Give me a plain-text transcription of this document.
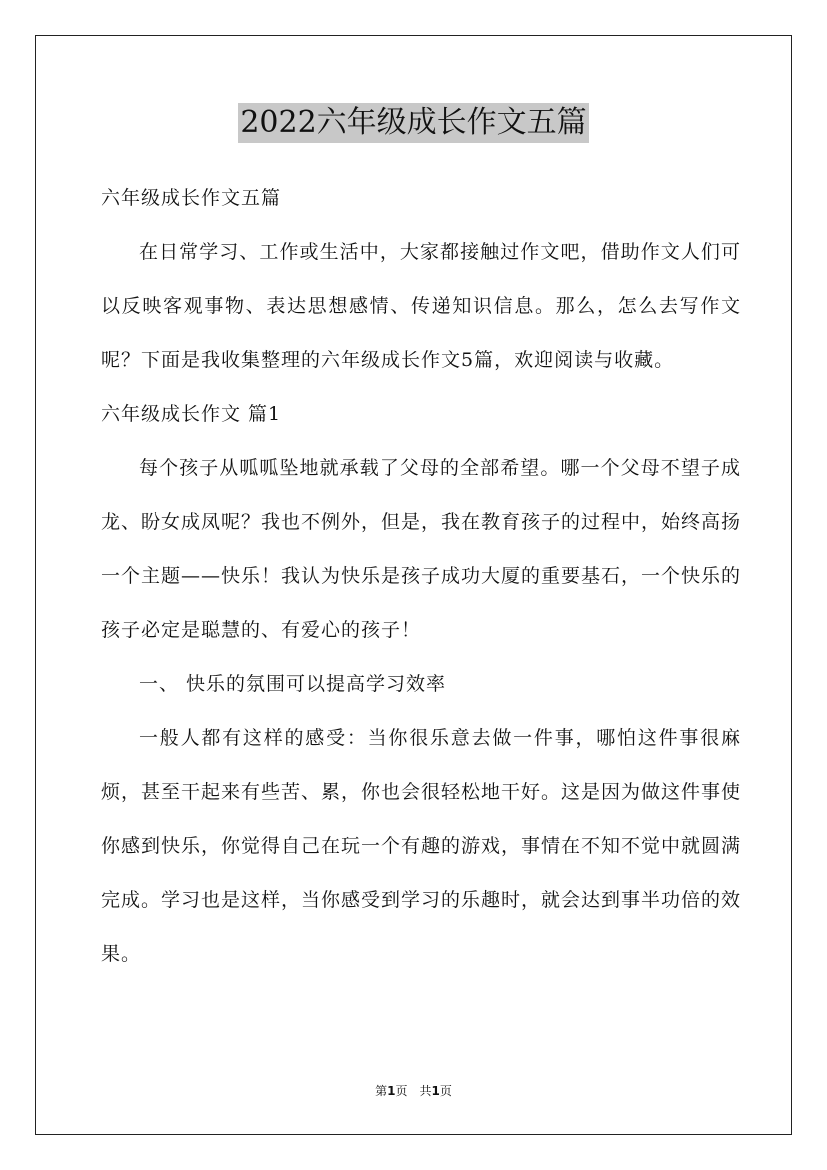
2022六年级成长作文五篇

六年级成长作文五篇

在日常学习、工作或生活中，大家都接触过作文吧，借助作文人们可以反映客观事物、表达思想感情、传递知识信息。那么，怎么去写作文呢？下面是我收集整理的六年级成长作文5篇，欢迎阅读与收藏。

六年级成长作文 篇1

每个孩子从呱呱坠地就承载了父母的全部希望。哪一个父母不望子成龙、盼女成凤呢？我也不例外，但是，我在教育孩子的过程中，始终高扬一个主题——快乐！我认为快乐是孩子成功大厦的重要基石，一个快乐的孩子必定是聪慧的、有爱心的孩子！

一、 快乐的氛围可以提高学习效率

一般人都有这样的感受：当你很乐意去做一件事，哪怕这件事很麻烦，甚至干起来有些苦、累，你也会很轻松地干好。这是因为做这件事使你感到快乐，你觉得自己在玩一个有趣的游戏，事情在不知不觉中就圆满完成。学习也是这样，当你感受到学习的乐趣时，就会达到事半功倍的效果。

第1页 共1页
